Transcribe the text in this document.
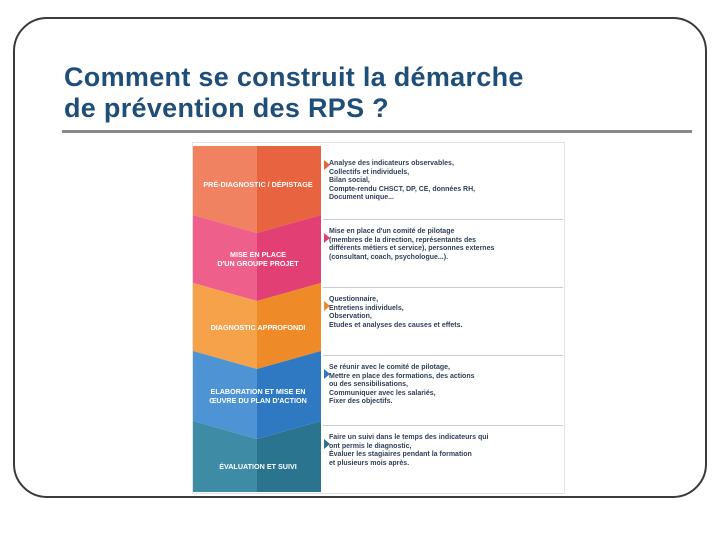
Comment se construit la démarche
de prévention des RPS ?
PRÉ-DIAGNOSTIC / DÉPISTAGE
Analyse des indicateurs observables,
Collectifs et individuels,
Bilan social,
Compte-rendu CHSCT, DP, CE, données RH,
Document unique...
MISE EN PLACE
D'UN GROUPE PROJET
Mise en place d'un comité de pilotage
(membres de la direction, représentants des
différents métiers et service), personnes externes
(consultant, coach, psychologue...).
DIAGNOSTIC APPROFONDI
Questionnaire,
Entretiens individuels,
Observation,
Etudes et analyses des causes et effets.
ELABORATION ET MISE EN
ŒUVRE DU PLAN D'ACTION
Se réunir avec le comité de pilotage,
Mettre en place des formations, des actions
ou des sensibilisations,
Communiquer avec les salariés,
Fixer des objectifs.
ÉVALUATION ET SUIVI
Faire un suivi dans le temps des indicateurs qui
ont permis le diagnostic,
Évaluer les stagiaires pendant la formation
et plusieurs mois après.
